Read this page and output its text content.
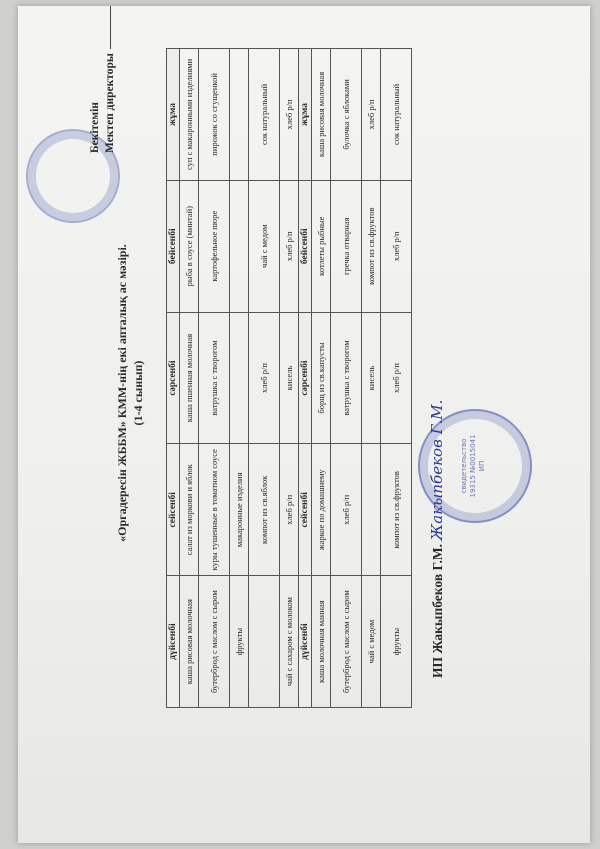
Бекітемін Мектеп директоры
«Оргадересін ЖББМ» КММ-нің екі апталық ас мәзірі. (1-4 сынып)
дүйсенбі	сейсенбі	сәрсенбі	бейсенбі	жұма
каша рисовая молочная	салат из моркови и яблок	каша пшенная молочная	рыба в соусе (минтай)	суп с макаронными изделиями
бутерброд с маслом с сыром	куры тушенные в томатном соусе	ватрушка с творогом	картофельное пюре	пирожок со сгущенкой
фрукты	макаронные изделия			
	компот из св.яблок	хлеб р/п	чай с медом	сок натуральный
чай с сахаром с молоком	хлеб р/п	кисель	хлеб р/п	хлеб р/п
дүйсенбі	сейсенбі	сәрсенбі	бейсенбі	жұма
каша молочная манная	жаркое по домашнему	борщ из св.капусты	котлеты рыбные	каша рисовая молочная
бутерброд с маслом с сыром	хлеб р/п	ватрушка с творогом	гречка отварная	булочка с яблоками
чай с медом		кисель	компот из св.фруктов	хлеб р/п
фрукты	компот из св.фруктов	хлеб р/п	хлеб р/п	сок натуральный
свидетельство 19315 №0015041 ИП
ИП Жакыпбеков Г.М. Жакыпбеков Г.М.
